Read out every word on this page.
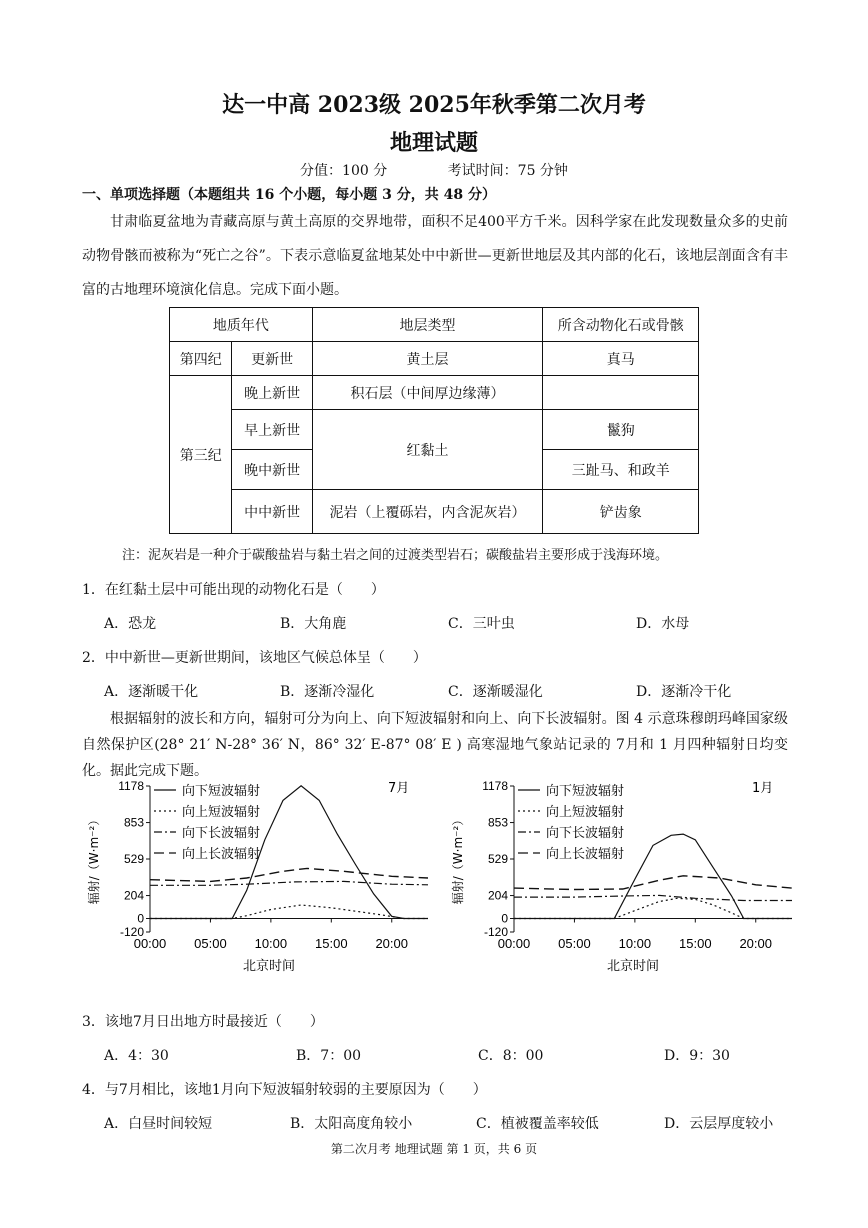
达一中高 2023级 2025年秋季第二次月考
地理试题
分值：100 分	考试时间：75 分钟
一、单项选择题（本题组共 16 个小题，每小题 3 分，共 48 分）

甘肃临夏盆地为青藏高原与黄土高原的交界地带，面积不足400平方千米。因科学家在此发现数量众多的史前动物骨骸而被称为“死亡之谷”。下表示意临夏盆地某处中中新世—更新世地层及其内部的化石，该地层剖面含有丰富的古地理环境演化信息。完成下面小题。

地质年代		地层类型	所含动物化石或骨骸
第四纪	更新世	黄土层	真马
第三纪	晚上新世	积石层（中间厚边缘薄）	
	早上新世	红黏土	鬣狗
	晚中新世		三趾马、和政羊
	中中新世	泥岩（上覆砾岩，内含泥灰岩）	铲齿象
注：泥灰岩是一种介于碳酸盐岩与黏土岩之间的过渡类型岩石；碳酸盐岩主要形成于浅海环境。
1．在红黏土层中可能出现的动物化石是（　　）
A．恐龙	B．大角鹿	C．三叶虫	D．水母
2．中中新世—更新世期间，该地区气候总体呈（　　）
A．逐渐暖干化	B．逐渐冷湿化	C．逐渐暖湿化	D．逐渐冷干化

根据辐射的波长和方向，辐射可分为向上、向下短波辐射和向上、向下长波辐射。图 4 示意珠穆朗玛峰国家级自然保护区(28° 21′ N-28° 36′ N，86° 32′ E-87° 08′ E ) 高寒湿地气象站记录的 7月和 1 月四种辐射日均变化。据此完成下题。

1178
853
529
204
0
-120
00:00 05:00 10:00 15:00 20:00
北京时间
辐射/（W·m⁻²）
7月
向下短波辐射
向上短波辐射
向下长波辐射
向上长波辐射
1178
853
529
204
0
-120
00:00 05:00 10:00 15:00 20:00
北京时间
辐射/（W·m⁻²）
1月
向下短波辐射
向上短波辐射
向下长波辐射
向上长波辐射
3．该地7月日出地方时最接近（　　）
A．4：30	B．7：00	C．8：00	D．9：30
4．与7月相比，该地1月向下短波辐射较弱的主要原因为（　　）
A．白昼时间较短	B．太阳高度角较小	C．植被覆盖率较低	D．云层厚度较小
第二次月考 地理试题 第 1 页，共 6 页
